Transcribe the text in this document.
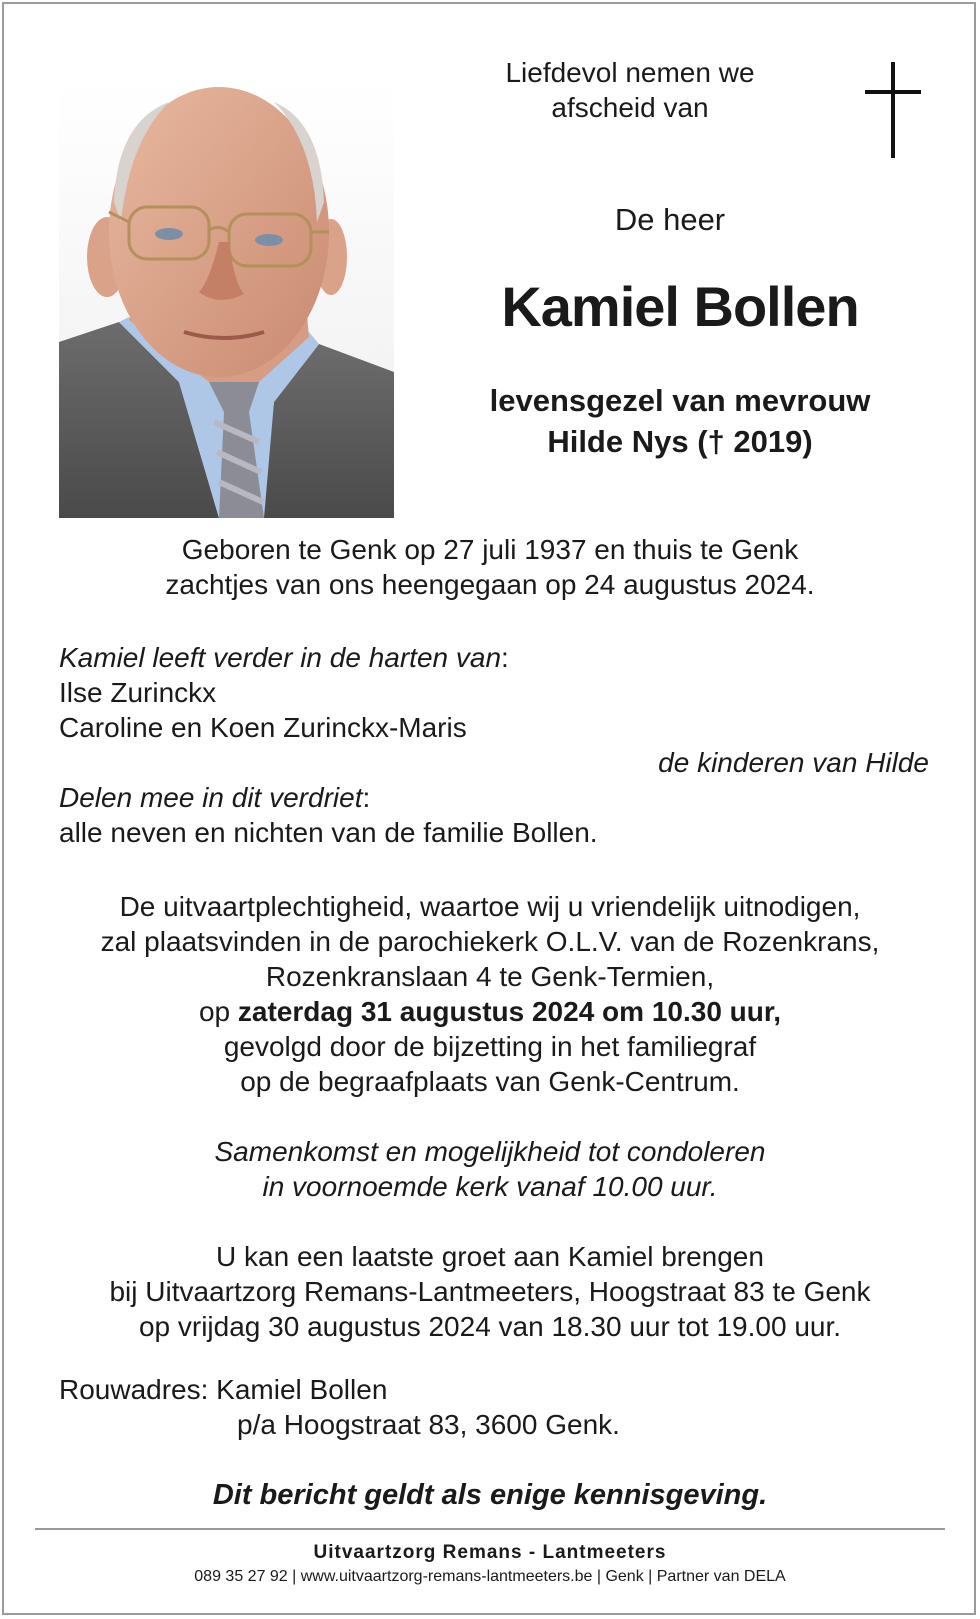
Liefdevol nemen we
afscheid van
De heer
Kamiel Bollen
levensgezel van mevrouw
Hilde Nys († 2019)
Geboren te Genk op 27 juli 1937 en thuis te Genk
zachtjes van ons heengegaan op 24 augustus 2024.
Kamiel leeft verder in de harten van:
Ilse Zurinckx
Caroline en Koen Zurinckx-Maris
de kinderen van Hilde
Delen mee in dit verdriet:
alle neven en nichten van de familie Bollen.
De uitvaartplechtigheid, waartoe wij u vriendelijk uitnodigen,
zal plaatsvinden in de parochiekerk O.L.V. van de Rozenkrans,
Rozenkranslaan 4 te Genk-Termien,
op zaterdag 31 augustus 2024 om 10.30 uur,
gevolgd door de bijzetting in het familiegraf
op de begraafplaats van Genk-Centrum.
Samenkomst en mogelijkheid tot condoleren
in voornoemde kerk vanaf 10.00 uur.
U kan een laatste groet aan Kamiel brengen
bij Uitvaartzorg Remans-Lantmeeters, Hoogstraat 83 te Genk
op vrijdag 30 augustus 2024 van 18.30 uur tot 19.00 uur.
Rouwadres: Kamiel Bollen
p/a Hoogstraat 83, 3600 Genk.
Dit bericht geldt als enige kennisgeving.
Uitvaartzorg Remans - Lantmeeters
089 35 27 92 | www.uitvaartzorg-remans-lantmeeters.be | Genk | Partner van DELA
